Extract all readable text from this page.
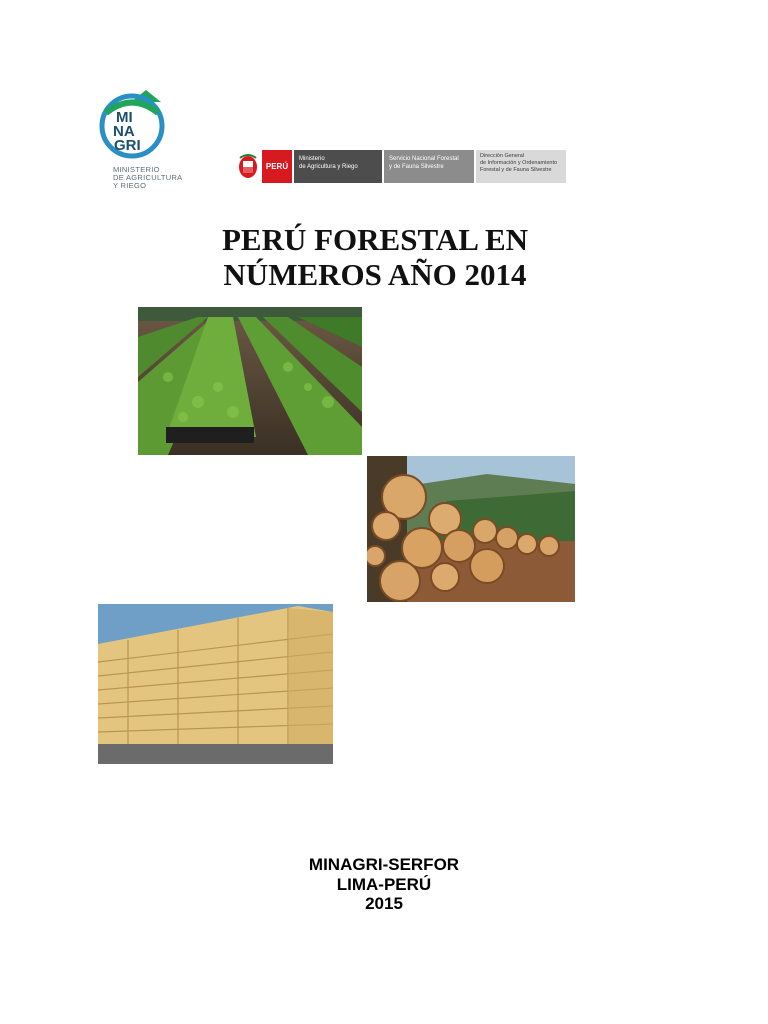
MI
NA
GRI
MINISTERIO
DE AGRICULTURA
Y RIEGO
PERÚ
Ministerio
de Agricultura y Riego
Servicio Nacional Forestal
y de Fauna Silvestre
Dirección General
de Información y Ordenamiento
Forestal y de Fauna Silvestre
PERÚ FORESTAL EN
NÚMEROS AÑO 2014
MINAGRI-SERFOR
LIMA-PERÚ
2015
